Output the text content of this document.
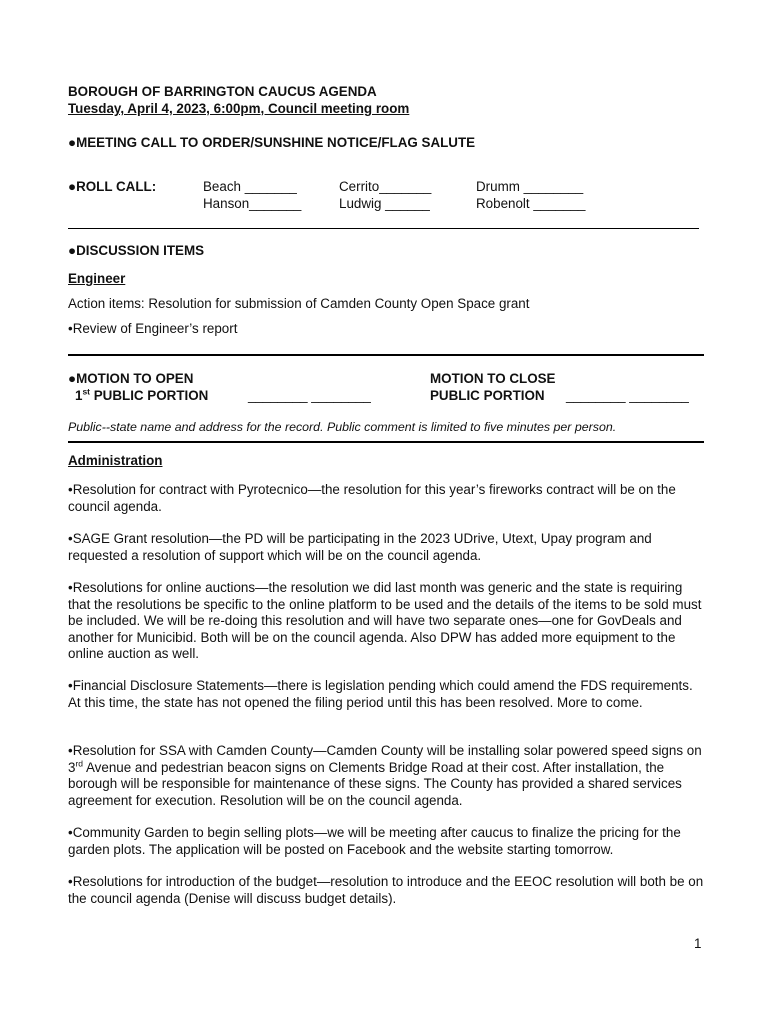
BOROUGH OF BARRINGTON CAUCUS AGENDA
Tuesday, April 4, 2023, 6:00pm, Council meeting room
●MEETING CALL TO ORDER/SUNSHINE NOTICE/FLAG SALUTE
●ROLL CALL:	Beach _______
Hanson_______
Cerrito_______
Ludwig ______
Drumm ________
Robenolt _______
●DISCUSSION ITEMS
Engineer
Action items: Resolution for submission of Camden County Open Space grant
•Review of Engineer’s report
●MOTION TO OPEN
1st PUBLIC PORTION	________ ________
MOTION TO CLOSE
PUBLIC PORTION ________ ________
Public--state name and address for the record. Public comment is limited to five minutes per person.
Administration
•Resolution for contract with Pyrotecnico—the resolution for this year’s fireworks contract will be on the council agenda.
•SAGE Grant resolution—the PD will be participating in the 2023 UDrive, Utext, Upay program and requested a resolution of support which will be on the council agenda.
•Resolutions for online auctions—the resolution we did last month was generic and the state is requiring that the resolutions be specific to the online platform to be used and the details of the items to be sold must be included. We will be re-doing this resolution and will have two separate ones—one for GovDeals and another for Municibid. Both will be on the council agenda. Also DPW has added more equipment to the online auction as well.
•Financial Disclosure Statements—there is legislation pending which could amend the FDS requirements. At this time, the state has not opened the filing period until this has been resolved. More to come.
•Resolution for SSA with Camden County—Camden County will be installing solar powered speed signs on 3rd Avenue and pedestrian beacon signs on Clements Bridge Road at their cost. After installation, the borough will be responsible for maintenance of these signs. The County has provided a shared services agreement for execution. Resolution will be on the council agenda.
•Community Garden to begin selling plots—we will be meeting after caucus to finalize the pricing for the garden plots. The application will be posted on Facebook and the website starting tomorrow.
•Resolutions for introduction of the budget—resolution to introduce and the EEOC resolution will both be on the council agenda (Denise will discuss budget details).
1
